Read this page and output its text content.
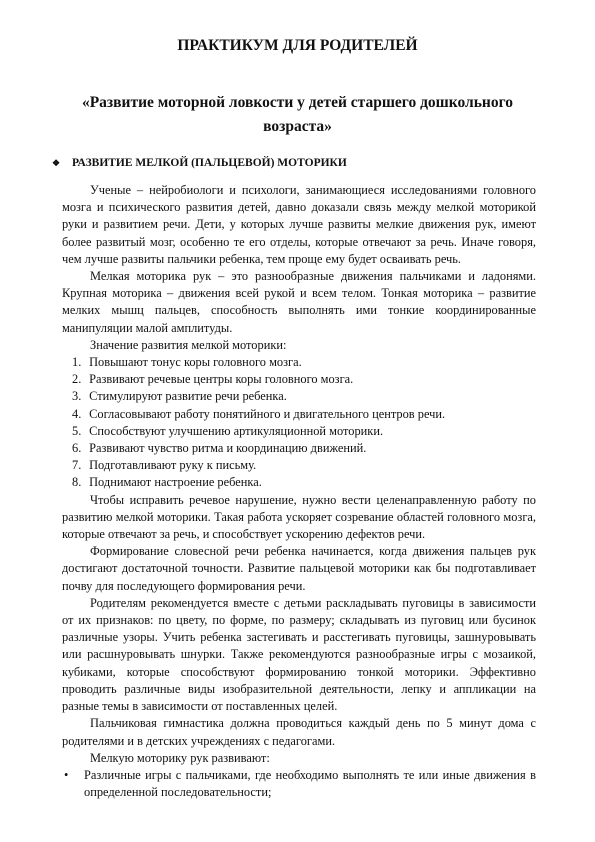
ПРАКТИКУМ ДЛЯ РОДИТЕЛЕЙ
«Развитие моторной ловкости у детей старшего дошкольного возраста»
❖ РАЗВИТИЕ МЕЛКОЙ (ПАЛЬЦЕВОЙ) МОТОРИКИ

Ученые – нейробиологи и психологи, занимающиеся исследованиями головного мозга и психического развития детей, давно доказали связь между мелкой моторикой руки и развитием речи. Дети, у которых лучше развиты мелкие движения рук, имеют более развитый мозг, особенно те его отделы, которые отвечают за речь. Иначе говоря, чем лучше развиты пальчики ребенка, тем проще ему будет осваивать речь.

Мелкая моторика рук – это разнообразные движения пальчиками и ладонями. Крупная моторика – движения всей рукой и всем телом. Тонкая моторика – развитие мелких мышц пальцев, способность выполнять ими тонкие координированные манипуляции малой амплитуды.

Значение развития мелкой моторики:

1. Повышают тонус коры головного мозга.
2. Развивают речевые центры коры головного мозга.
3. Стимулируют развитие речи ребенка.
4. Согласовывают работу понятийного и двигательного центров речи.
5. Способствуют улучшению артикуляционной моторики.
6. Развивают чувство ритма и координацию движений.
7. Подготавливают руку к письму.
8. Поднимают настроение ребенка.

Чтобы исправить речевое нарушение, нужно вести целенаправленную работу по развитию мелкой моторики. Такая работа ускоряет созревание областей головного мозга, которые отвечают за речь, и способствует ускорению дефектов речи.

Формирование словесной речи ребенка начинается, когда движения пальцев рук достигают достаточной точности. Развитие пальцевой моторики как бы подготавливает почву для последующего формирования речи.

Родителям рекомендуется вместе с детьми раскладывать пуговицы в зависимости от их признаков: по цвету, по форме, по размеру; складывать из пуговиц или бусинок различные узоры. Учить ребенка застегивать и расстегивать пуговицы, зашнуровывать или расшнуровывать шнурки. Также рекомендуются разнообразные игры с мозаикой, кубиками, которые способствуют формированию тонкой моторики. Эффективно проводить различные виды изобразительной деятельности, лепку и аппликации на разные темы в зависимости от поставленных целей.

Пальчиковая гимнастика должна проводиться каждый день по 5 минут дома с родителями и в детских учреждениях с педагогами.

Мелкую моторику рук развивают:

• Различные игры с пальчиками, где необходимо выполнять те или иные движения в определенной последовательности;
